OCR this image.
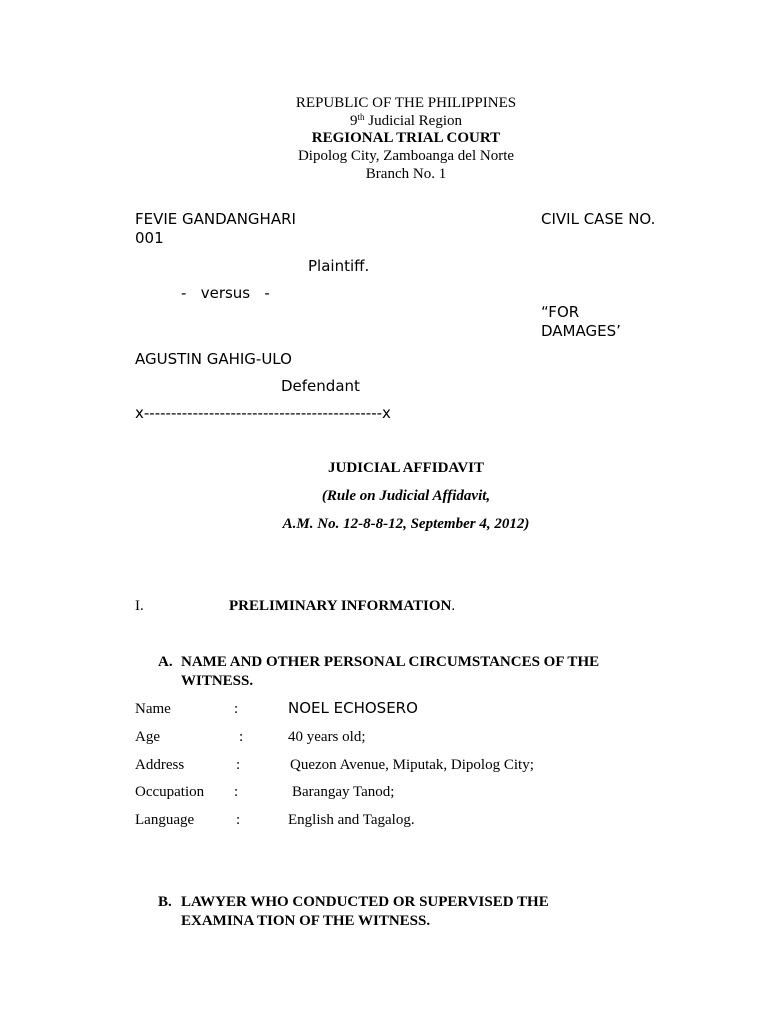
REPUBLIC OF THE PHILIPPINES
9th Judicial Region
REGIONAL TRIAL COURT
Dipolog City, Zamboanga del Norte
Branch No. 1
FEVIE GANDANGHARI	CIVIL CASE NO.
001
Plaintiff.
-   versus   -
“FOR
DAMAGES’
AGUSTIN GAHIG-ULO
Defendant
x--------------------------------------------x
JUDICIAL AFFIDAVIT
(Rule on Judicial Affidavit,
A.M. No. 12-8-8-12, September 4, 2012)
I.	PRELIMINARY INFORMATION.
A. NAME AND OTHER PERSONAL CIRCUMSTANCES OF THE
WITNESS.
Name	:	NOEL ECHOSERO
Age	:	40 years old;
Address	:	Quezon Avenue, Miputak, Dipolog City;
Occupation :	Barangay Tanod;
Language	:	English and Tagalog.
B. LAWYER WHO CONDUCTED OR SUPERVISED THE
EXAMINA TION OF THE WITNESS.
